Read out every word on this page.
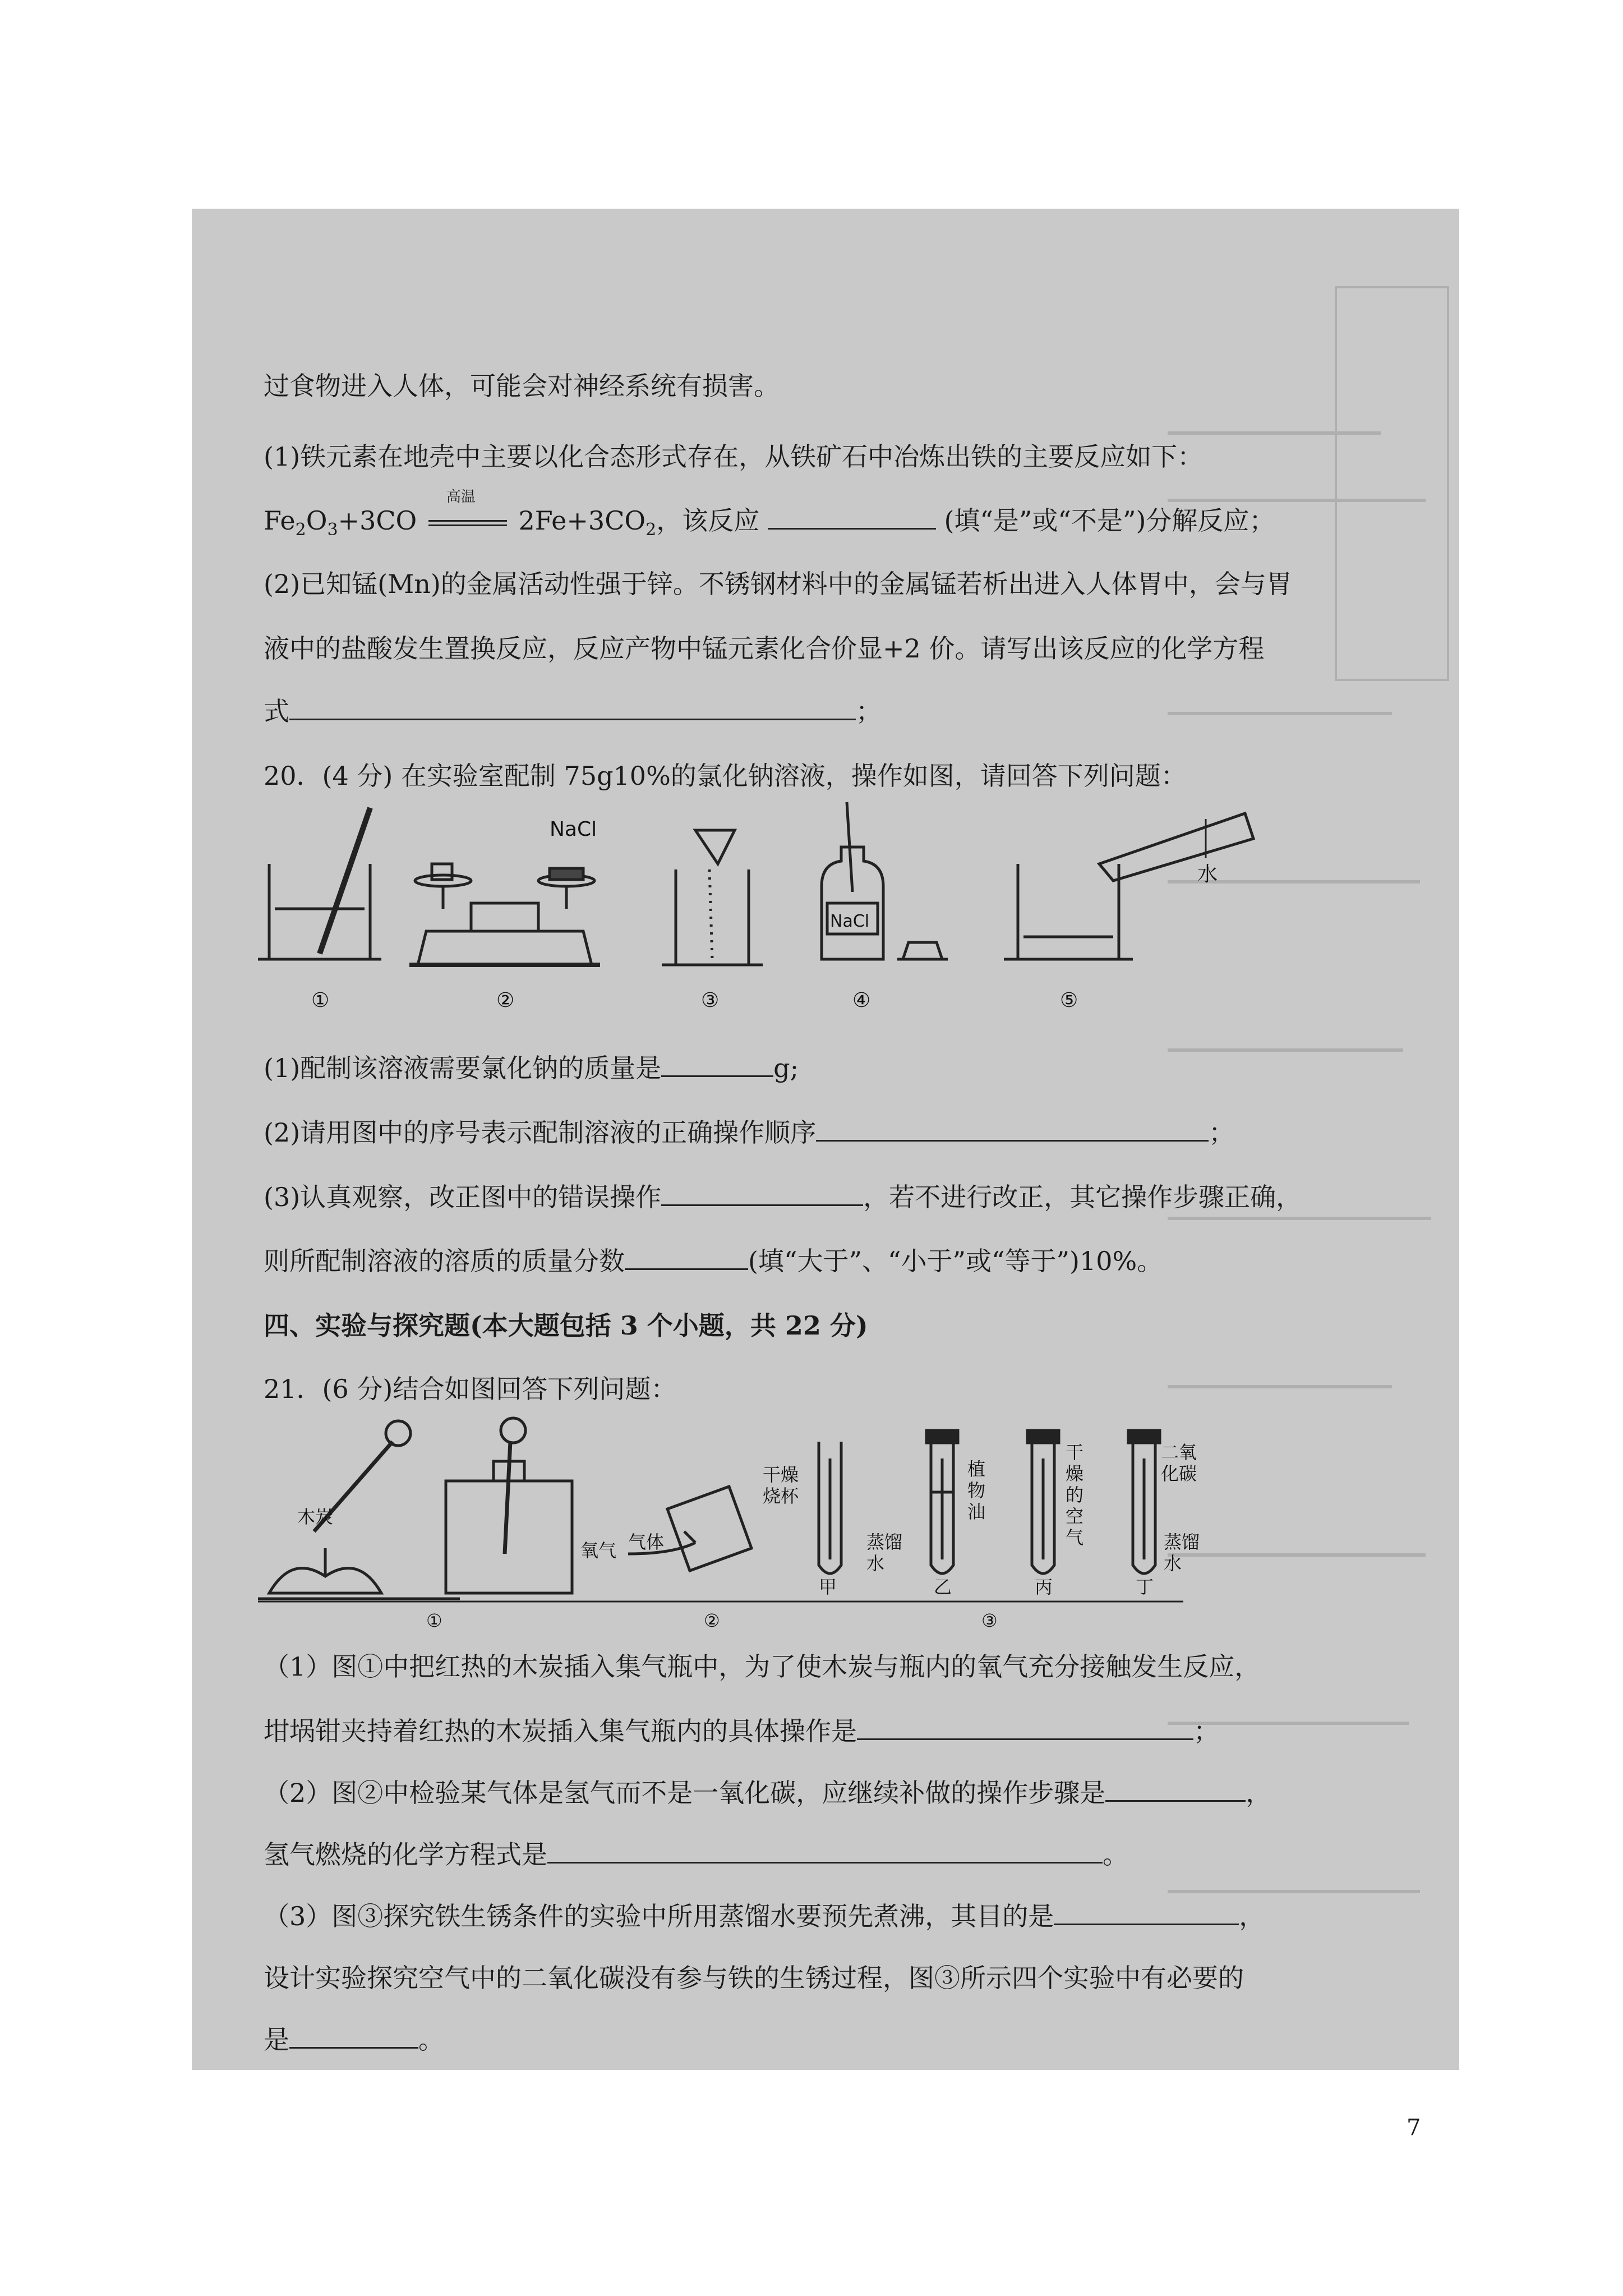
过食物进入人体，可能会对神经系统有损害。
(1)铁元素在地壳中主要以化合态形式存在，从铁矿石中冶炼出铁的主要反应如下：
$Fe_2O_3+3CO$
高温
$2Fe+3CO_2$，该反应	(填“是”或“不是”)分解反应；
(2)已知锰(Mn)的金属活动性强于锌。不锈钢材料中的金属锰若析出进入人体胃中，会与胃
液中的盐酸发生置换反应，反应产物中锰元素化合价显+2 价。请写出该反应的化学方程
式	；
20．(4 分) 在实验室配制 75g10%的氯化钠溶液，操作如图，请回答下列问题：
NaCl
NaCl
水
①	②	③	④	⑤
(1)配制该溶液需要氯化钠的质量是	g;
(2)请用图中的序号表示配制溶液的正确操作顺序	；
(3)认真观察，改正图中的错误操作	，若不进行改正，其它操作步骤正确，
则所配制溶液的溶质的质量分数	(填“大于”、“小于”或“等于”)10%。
四、实验与探究题(本大题包括 3 个小题，共 22 分)
21．(6 分)结合如图回答下列问题：
木炭
氧气 气体
干燥
烧杯
蒸馏
水
植
物
油
干
燥
的
空
气
二氧
化碳
蒸馏
水
甲	乙	丙	丁
①	②	③
（1）图①中把红热的木炭插入集气瓶中，为了使木炭与瓶内的氧气充分接触发生反应，
坩埚钳夹持着红热的木炭插入集气瓶内的具体操作是	；
（2）图②中检验某气体是氢气而不是一氧化碳，应继续补做的操作步骤是	，
氢气燃烧的化学方程式是	。
（3）图③探究铁生锈条件的实验中所用蒸馏水要预先煮沸，其目的是	，
设计实验探究空气中的二氧化碳没有参与铁的生锈过程，图③所示四个实验中有必要的
是	。
7
